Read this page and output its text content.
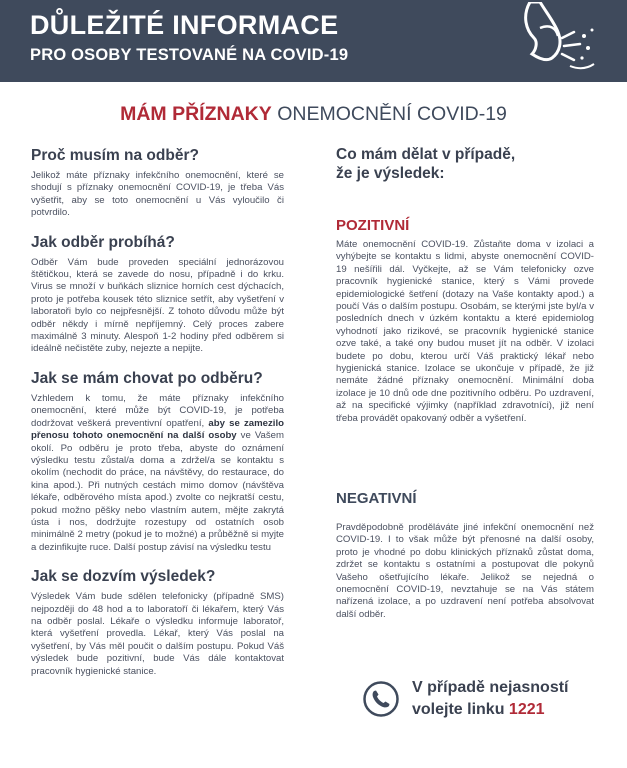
DŮLEŽITÉ INFORMACE
PRO OSOBY TESTOVANÉ NA COVID-19
MÁM PŘÍZNAKY ONEMOCNĚNÍ COVID-19
Proč musím na odběr?

Jelikož máte příznaky infekčního onemocnění, které se shodují s příznaky onemocnění COVID-19, je třeba Vás vyšetřit, aby se toto onemocnění u Vás vyloučilo či potvrdilo.

Jak odběr probíhá?

Odběr Vám bude proveden speciální jednorázovou štětičkou, která se zavede do nosu, případně i do krku. Virus se množí v buňkách sliznice horních cest dýchacích, proto je potřeba kousek této sliznice setřít, aby vyšetření v laboratoři bylo co nejpřesnější. Z tohoto důvodu může být odběr někdy i mírně nepříjemný. Celý proces zabere maximálně 3 minuty. Alespoň 1-2 hodiny před odběrem si ideálně nečistěte zuby, nejezte a nepijte.

Jak se mám chovat po odběru?

Vzhledem k tomu, že máte příznaky infekčního onemocnění, které může být COVID-19, je potřeba dodržovat veškerá preventivní opatření, aby se zamezilo přenosu tohoto onemocnění na další osoby ve Vašem okolí. Po odběru je proto třeba, abyste do oznámení výsledku testu zůstal/a doma a zdržel/a se kontaktu s okolím (nechodit do práce, na návštěvy, do restaurace, do kina apod.). Při nutných cestách mimo domov (návštěva lékaře, odběrového místa apod.) zvolte co nejkratší cestu, pokud možno pěšky nebo vlastním autem, mějte zakrytá ústa i nos, dodržujte rozestupy od ostatních osob minimálně 2 metry (pokud je to možné) a průběžně si myjte a dezinfikujte ruce. Další postup závisí na výsledku testu

Jak se dozvím výsledek?

Výsledek Vám bude sdělen telefonicky (případně SMS) nejpozději do 48 hod a to laboratoří či lékařem, který Vás na odběr poslal. Lékaře o výsledku informuje laboratoř, která vyšetření provedla. Lékař, který Vás poslal na vyšetření, by Vás měl poučit o dalším postupu. Pokud Váš výsledek bude pozitivní, bude Vás dále kontaktovat pracovník hygienické stanice.

Co mám dělat v případě,
že je výsledek:
POZITIVNÍ

Máte onemocnění COVID-19. Zůstaňte doma v izolaci a vyhýbejte se kontaktu s lidmi, abyste onemocnění COVID-19 nešířili dál. Vyčkejte, až se Vám telefonicky ozve pracovník hygienické stanice, který s Vámi provede epidemiologické šetření (dotazy na Vaše kontakty apod.) a poučí Vás o dalším postupu. Osobám, se kterými jste byl/a v posledních dnech v úzkém kontaktu a které epidemiolog vyhodnotí jako rizikové, se pracovník hygienické stanice ozve také, a také ony budou muset jít na odběr. V izolaci budete po dobu, kterou určí Váš praktický lékař nebo hygienická stanice. Izolace se ukončuje v případě, že již nemáte žádné příznaky onemocnění. Minimální doba izolace je 10 dnů ode dne pozitivního odběru. Po uzdravení, až na specifické výjimky (například zdravotníci), již není třeba provádět opakovaný odběr a vyšetření.

NEGATIVNÍ

Pravděpodobně proděláváte jiné infekční onemocnění než COVID-19. I to však může být přenosné na další osoby, proto je vhodné po dobu klinických příznaků zůstat doma, zdržet se kontaktu s ostatními a postupovat dle pokynů Vašeho ošetřujícího lékaře. Jelikož se nejedná o onemocnění COVID-19, nevztahuje se na Vás státem nařízená izolace, a po uzdravení není potřeba absolvovat další odběr.

V případě nejasností
volejte linku 1221
